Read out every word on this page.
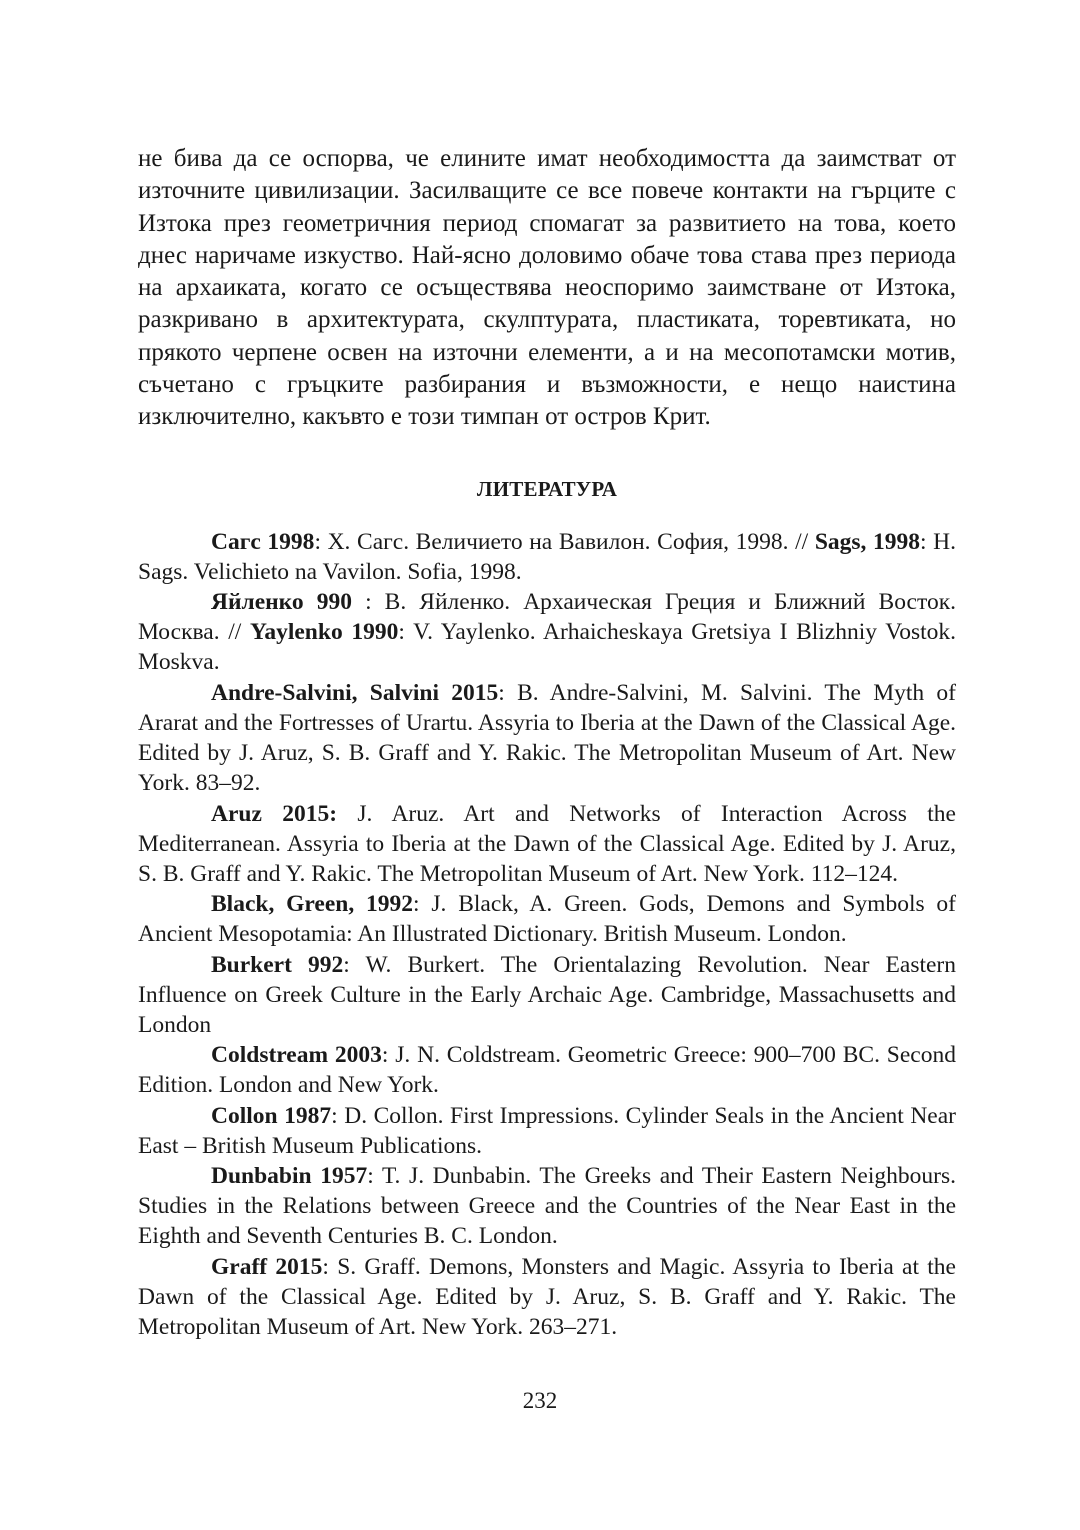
не бива да се оспорва, че елините имат необходимостта да заимстват от източните цивилизации. Засилващите се все повече контакти на гърците с Изтока през геометричния период спомагат за развитието на това, което днес наричаме изкуство. Най-ясно доловимо обаче това става през периода на архаиката, когато се осъществява неоспоримо заимстване от Изтока, разкривано в архитектурата, скулптурата, пластиката, торевтиката, но прякото черпене освен на източни елементи, а и на месопотамски мотив, съчетано с гръцките разбирания и възможности, е нещо наистина изключително, какъвто е този тимпан от остров Крит.

ЛИТЕРАТУРА

Сагс 1998: Х. Сагс. Величието на Вавилон. София, 1998. // Sags, 1998: H. Sags. Velichieto na Vavilon. Sofia, 1998.

Яйленко 990 : В. Яйленко. Архаическая Греция и Ближний Восток. Москва. // Yaylenko 1990: V. Yaylenko. Arhaicheskaya Gretsiya I Blizhniy Vostok. Moskva.

Andre-Salvini, Salvini 2015: B. Andre-Salvini, M. Salvini. The Myth of Ararat and the Fortresses of Urartu. Assyria to Iberia at the Dawn of the Classical Age. Edited by J. Aruz, S. B. Graff and Y. Rakic. The Metropolitan Museum of Art. New York. 83–92.

Aruz 2015: J. Aruz. Art and Networks of Interaction Across the Mediterranean. Assyria to Iberia at the Dawn of the Classical Age. Edited by J. Aruz, S. B. Graff and Y. Rakic. The Metropolitan Museum of Art. New York. 112–124.

Black, Green, 1992: J. Black, A. Green. Gods, Demons and Symbols of Ancient Mesopotamia: An Illustrated Dictionary. British Museum. London.

Burkert 992: W. Burkert. The Orientalazing Revolution. Near Eastern Influence on Greek Culture in the Early Archaic Age. Cambridge, Massachusetts and London

Coldstream 2003: J. N. Coldstream. Geometric Greece: 900–700 BC. Second Edition. London and New York.

Collon 1987: D. Collon. First Impressions. Cylinder Seals in the Ancient Near East – British Museum Publications.

Dunbabin 1957: T. J. Dunbabin. The Greeks and Their Eastern Neighbours. Studies in the Relations between Greece and the Countries of the Near East in the Eighth and Seventh Centuries B. C. London.

Graff 2015: S. Graff. Demons, Monsters and Magic. Assyria to Iberia at the Dawn of the Classical Age. Edited by J. Aruz, S. B. Graff and Y. Rakic. The Metropolitan Museum of Art. New York. 263–271.

232
